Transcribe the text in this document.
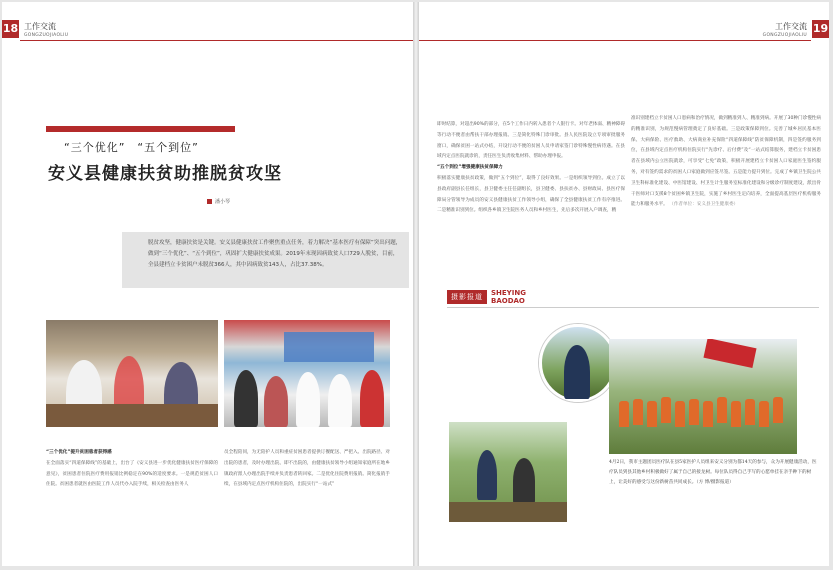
18 工作交流
GONGZUOJIAOLIU
“三个优化”　“五个到位”
安义县健康扶贫助推脱贫攻坚
潘小琴
脱贫攻坚，健康扶贫是关键。安义县健康扶贫工作聚焦重点任务，着力解决“基本医疗有保障”突出问题，做到“三个优化”、“五个到位”，巩固扩大健康扶贫成果。2019年末现因病致贫人口729人脱贫，目前，全县建档立卡贫困户未脱贫366人，其中因病致贫143人，占比37.38%。
“三个优化”提升贫困患者获得感
在全面落实“四道保障线”的基础上，出台了《安义县进一步优化健康扶贫医疗保障的意见》，贫困患者住院医疗费用报销比例稳定在90%的适度要求。一是规范贫困人口住院。贫困患者就医由医院工作人员代办入院手续，相关检查由医务人
员全程陪同，为无陪护人员和重症贫困患者提供订餐配送、严把入、出院路径、对出院的患者，及时办理出院、即不出院的，由健康扶贫领导小组通知家庭所在地乡镇政府派人办理出院手续并负责患者转回家。二是优化住院费用报销。简化报销手续，在县域内定点医疗机构住院的，出院实行“一站式”
19
工作交流
GONGZUOJIAOLIU
即时结算，对超出90%的部分，在5个工作日内转入患者个人银行卡。对年老体弱、精神障碍等行动不便者由帮扶干部办理报销。三是简化特殊门诊审批。县人民医院设立专项审批服务窗口，确保贫困一站式办结，开设行动不便的贫困人员申请家签门诊特殊慢性病待遇。在县域内定点医院就诊的，责任医生负责收集材料、帮助办理申报。
“五个到位”增强健康扶贫保障力
积极落实健康扶贫政策，做到“五个到位”，取得了良好效果。一是组织领导到位。成立了以县政府副县长任组长，县卫健委主任任副组长，县卫健委、县扶贫办、县财政局、县医疗保障局分管领导为成员的安义县健康扶贫工作领导小组，确保了全县健康扶贫工作有序推进。二是精准识别到位。组织各乡镇卫生院医务人员和乡村医生，先后多次开展入户调查，精
准识别建档立卡贫困人口患病和治疗情况，做到精准到人、精准到病。开展了30种门诊慢性病的精准识别，为规范慢病管理奠定了良好基础。三是政策保障到位。完善了城乡居民基本医保、大病保险、医疗救助、大病商业补充保险“四道保障线”防贫保障机制，四是签约服务到位，在县域内定点医疗机构住院实行“先诊疗、后付费”及“一站式结算服务，建档立卡贫困患者在县域内公立医院就诊，可享受“七免”政策，积极开展建档立卡贫困人口家庭医生签约服务，对有签约需求的贫困人口家庭做到应签尽签。五是能力提升到位。完成了乡镇卫生院公共卫生科标准化建设、中医馆建设、村卫生计生服务室标准化建设和分级诊疗制度建设，派出骨干医师对口支援8个贫困乡镇卫生院，实施了乡村医生定向培养，全面提高基层医疗机构服务能力和服务水平。 （作者单位：安义县卫生健康委）
摄影报道	SHEYING
BAODAO
4月2日，我市主题团员医疗队在县5家医护人员组来安义分别为都14天的参与，众为开展健康活动，医疗队员到县其他乡村积极做好了属于自己的接龙树。每位队员得自己手写的心愿单挂在亲手种下的树上，让美好的感受与这份新树苗共同成长。（方 博/摄影报道）
